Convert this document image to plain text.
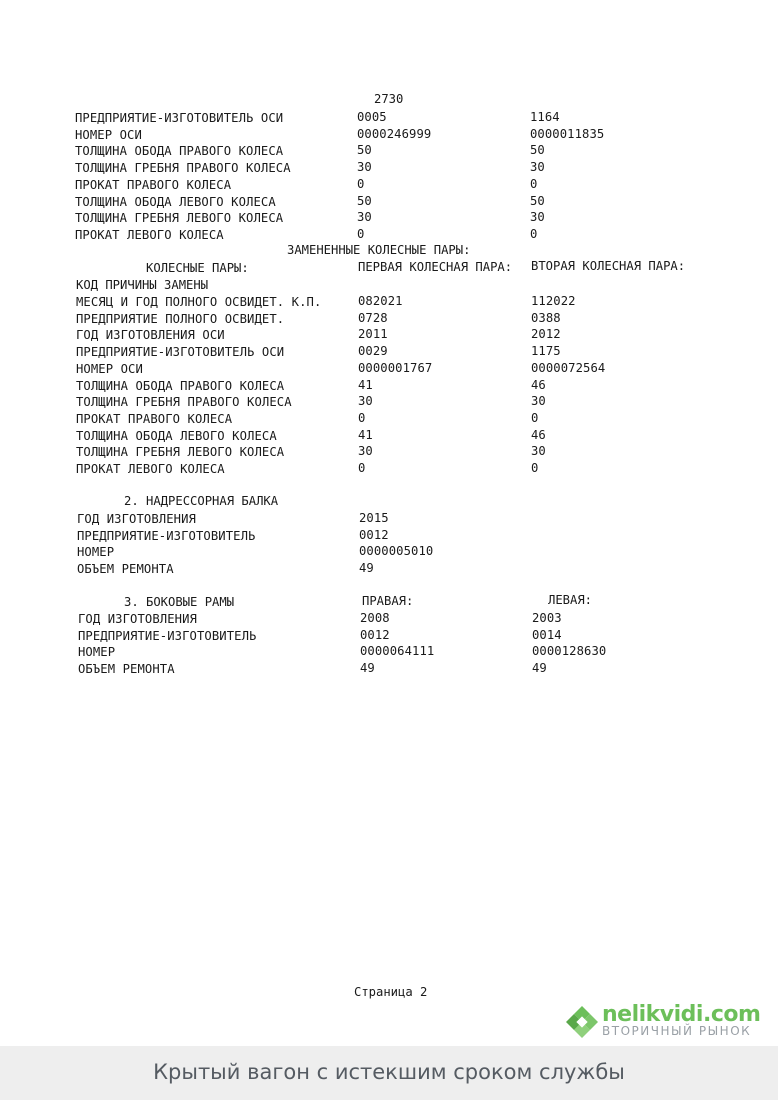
2730
ПРЕДПРИЯТИЕ-ИЗГОТОВИТЕЛЬ ОСИ	0005	1164
НОМЕР ОСИ	0000246999	0000011835
ТОЛЩИНА ОБОДА ПРАВОГО КОЛЕСА	50	50
ТОЛЩИНА ГРЕБНЯ ПРАВОГО КОЛЕСА	30	30
ПРОКАТ ПРАВОГО КОЛЕСА	0	0
ТОЛЩИНА ОБОДА ЛЕВОГО КОЛЕСА	50	50
ТОЛЩИНА ГРЕБНЯ ЛЕВОГО КОЛЕСА	30	30
ПРОКАТ ЛЕВОГО КОЛЕСА	0	0
ЗАМЕНЕННЫЕ КОЛЕСНЫЕ ПАРЫ:
КОЛЕСНЫЕ ПАРЫ:	ПЕРВАЯ КОЛЕСНАЯ ПАРА: ВТОРАЯ КОЛЕСНАЯ ПАРА:
КОД ПРИЧИНЫ ЗАМЕНЫ
МЕСЯЦ И ГОД ПОЛНОГО ОСВИДЕТ. К.П.	082021	112022
ПРЕДПРИЯТИЕ ПОЛНОГО ОСВИДЕТ.	0728	0388
ГОД ИЗГОТОВЛЕНИЯ ОСИ	2011	2012
ПРЕДПРИЯТИЕ-ИЗГОТОВИТЕЛЬ ОСИ	0029	1175
НОМЕР ОСИ	0000001767	0000072564
ТОЛЩИНА ОБОДА ПРАВОГО КОЛЕСА	41	46
ТОЛЩИНА ГРЕБНЯ ПРАВОГО КОЛЕСА	30	30
ПРОКАТ ПРАВОГО КОЛЕСА	0	0
ТОЛЩИНА ОБОДА ЛЕВОГО КОЛЕСА	41	46
ТОЛЩИНА ГРЕБНЯ ЛЕВОГО КОЛЕСА	30	30
ПРОКАТ ЛЕВОГО КОЛЕСА	0	0
2. НАДРЕССОРНАЯ БАЛКА
ГОД ИЗГОТОВЛЕНИЯ	2015
ПРЕДПРИЯТИЕ-ИЗГОТОВИТЕЛЬ	0012
НОМЕР	0000005010
ОБЪЕМ РЕМОНТА	49
3. БОКОВЫЕ РАМЫ	ПРАВАЯ:	ЛЕВАЯ:
ГОД ИЗГОТОВЛЕНИЯ	2008	2003
ПРЕДПРИЯТИЕ-ИЗГОТОВИТЕЛЬ	0012	0014
НОМЕР	0000064111	0000128630
ОБЪЕМ РЕМОНТА	49	49
Страница 2
nelikvidi.com
ВТОРИЧНЫЙ РЫНОК
Крытый вагон с истекшим сроком службы
